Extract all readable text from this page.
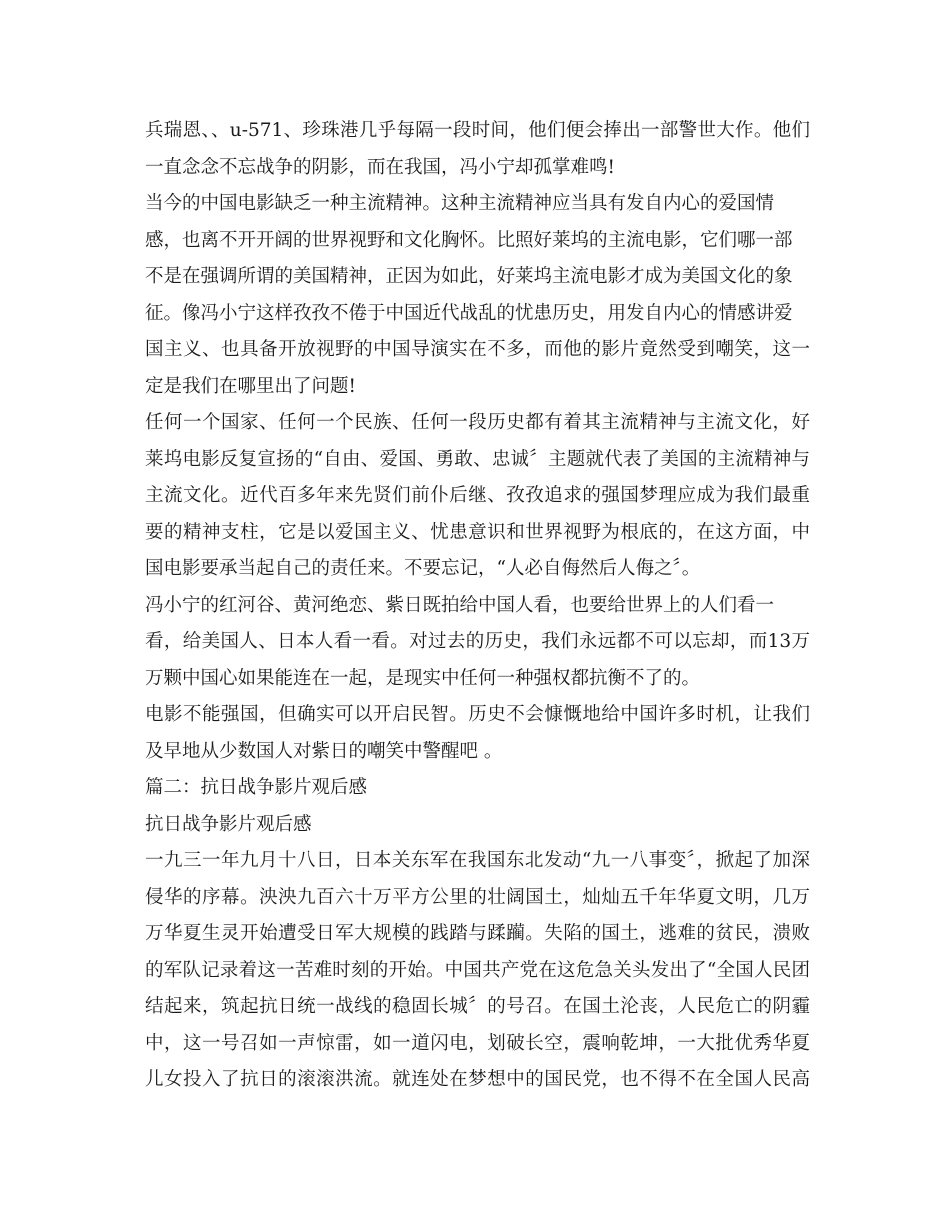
兵瑞恩、、u-571、珍珠港几乎每隔一段时间，他们便会捧出一部警世大作。他们
一直念念不忘战争的阴影，而在我国，冯小宁却孤掌难鸣!
当今的中国电影缺乏一种主流精神。这种主流精神应当具有发自内心的爱国情
感，也离不开开阔的世界视野和文化胸怀。比照好莱坞的主流电影，它们哪一部
不是在强调所谓的美国精神，正因为如此，好莱坞主流电影才成为美国文化的象
征。像冯小宁这样孜孜不倦于中国近代战乱的忧患历史，用发自内心的情感讲爱
国主义、也具备开放视野的中国导演实在不多，而他的影片竟然受到嘲笑，这一
定是我们在哪里出了问题!
任何一个国家、任何一个民族、任何一段历史都有着其主流精神与主流文化，好
莱坞电影反复宣扬的“自由、爱国、勇敢、忠诚〞主题就代表了美国的主流精神与
主流文化。近代百多年来先贤们前仆后继、孜孜追求的强国梦理应成为我们最重
要的精神支柱，它是以爱国主义、忧患意识和世界视野为根底的，在这方面，中
国电影要承当起自己的责任来。不要忘记，“人必自侮然后人侮之〞。
冯小宁的红河谷、黄河绝恋、紫日既拍给中国人看，也要给世界上的人们看一
看，给美国人、日本人看一看。对过去的历史，我们永远都不可以忘却，而13万
万颗中国心如果能连在一起，是现实中任何一种强权都抗衡不了的。
电影不能强国，但确实可以开启民智。历史不会慷慨地给中国许多时机，让我们
及早地从少数国人对紫日的嘲笑中警醒吧 。
篇二：抗日战争影片观后感
抗日战争影片观后感
一九三一年九月十八日，日本关东军在我国东北发动“九一八事变〞，掀起了加深
侵华的序幕。泱泱九百六十万平方公里的壮阔国土，灿灿五千年华夏文明，几万
万华夏生灵开始遭受日军大规模的践踏与蹂躏。失陷的国土，逃难的贫民，溃败
的军队记录着这一苦难时刻的开始。中国共产党在这危急关头发出了“全国人民团
结起来，筑起抗日统一战线的稳固长城〞的号召。在国土沦丧，人民危亡的阴霾
中，这一号召如一声惊雷，如一道闪电，划破长空，震响乾坤，一大批优秀华夏
儿女投入了抗日的滚滚洪流。就连处在梦想中的国民党，也不得不在全国人民高
